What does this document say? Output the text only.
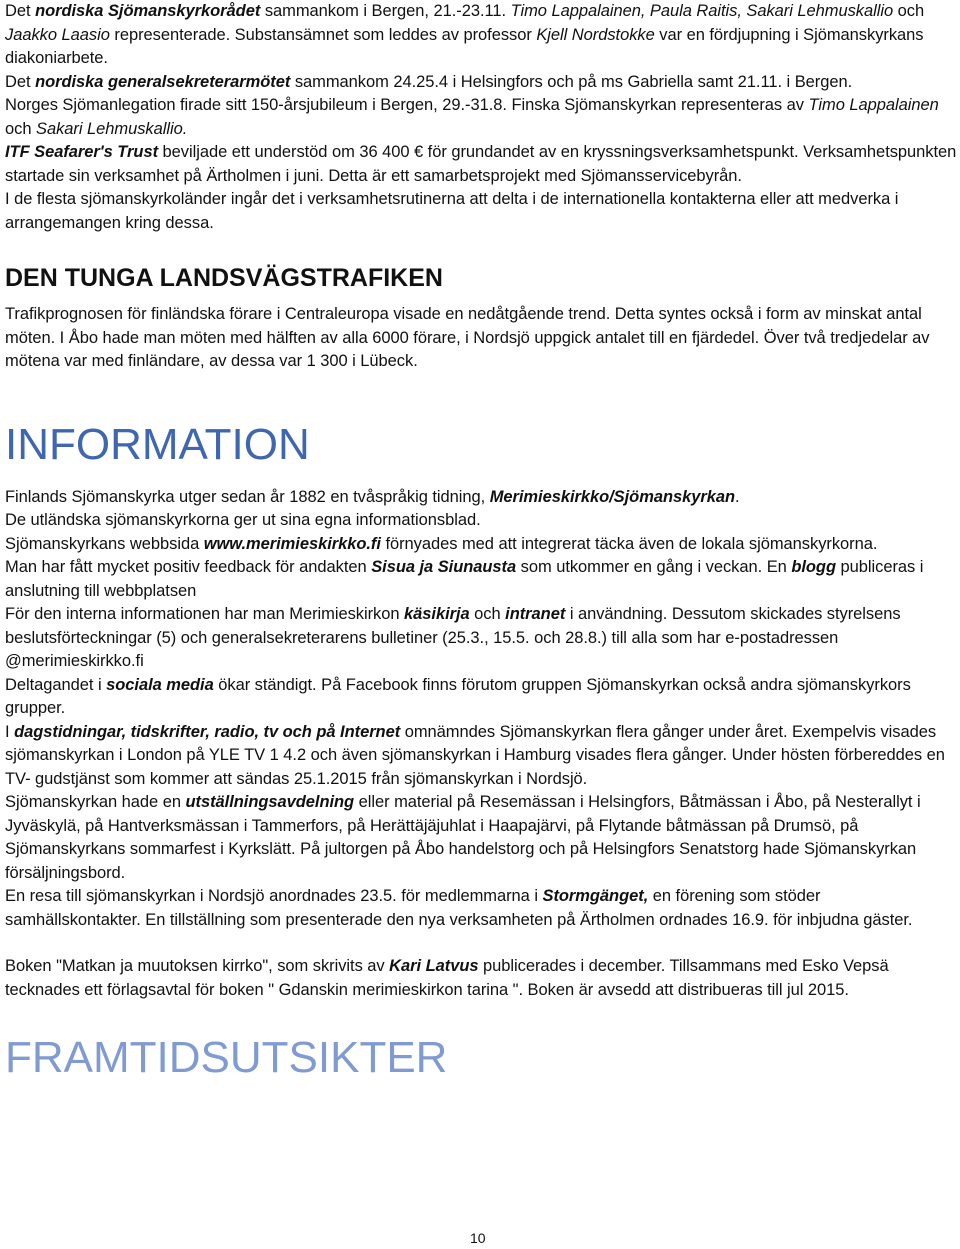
Det nordiska Sjömanskyrkorådet sammankom i Bergen, 21.-23.11. Timo Lappalainen, Paula Raitis, Sakari Lehmuskallio och Jaakko Laasio representerade. Substansämnet som leddes av professor Kjell Nordstokke var en fördjupning i Sjömanskyrkans diakoniarbete.

Det nordiska generalsekreterarmötet sammankom 24.25.4 i Helsingfors och på ms Gabriella samt 21.11. i Bergen.

Norges Sjömanlegation firade sitt 150-årsjubileum i Bergen, 29.-31.8. Finska Sjömanskyrkan representeras av Timo Lappalainen och Sakari Lehmuskallio.

ITF Seafarer's Trust beviljade ett understöd om 36 400 € för grundandet av en kryssningsverksamhetspunkt. Verksamhetspunkten startade sin verksamhet på Ärtholmen i juni. Detta är ett samarbetsprojekt med Sjömansservicebyrån.

I de flesta sjömanskyrkoländer ingår det i verksamhetsrutinerna att delta i de internationella kontakterna eller att medverka i arrangemangen kring dessa.

DEN TUNGA LANDSVÄGSTRAFIKEN

Trafikprognosen för finländska förare i Centraleuropa visade en nedåtgående trend. Detta syntes också i form av minskat antal möten. I Åbo hade man möten med hälften av alla 6000 förare, i Nordsjö uppgick antalet till en fjärdedel. Över två tredjedelar av mötena var med finländare, av dessa var 1 300 i Lübeck.

INFORMATION

Finlands Sjömanskyrka utger sedan år 1882 en tvåspråkig tidning, Merimieskirkko/Sjömanskyrkan.

De utländska sjömanskyrkorna ger ut sina egna informationsblad.

Sjömanskyrkans webbsida www.merimieskirkko.fi förnyades med att integrerat täcka även de lokala sjömanskyrkorna.

Man har fått mycket positiv feedback för andakten Sisua ja Siunausta som utkommer en gång i veckan. En blogg publiceras i anslutning till webbplatsen

För den interna informationen har man Merimieskirkon käsikirja och intranet i användning. Dessutom skickades styrelsens beslutsförteckningar (5) och generalsekreterarens bulletiner (25.3., 15.5. och 28.8.) till alla som har e-postadressen @merimieskirkko.fi

Deltagandet i sociala media ökar ständigt. På Facebook finns förutom gruppen Sjömanskyrkan också andra sjömanskyrkors grupper.

I dagstidningar, tidskrifter, radio, tv och på Internet omnämndes Sjömanskyrkan flera gånger under året. Exempelvis visades sjömanskyrkan i London på YLE TV 1 4.2 och även sjömanskyrkan i Hamburg visades flera gånger. Under hösten förbereddes en TV- gudstjänst som kommer att sändas 25.1.2015 från sjömanskyrkan i Nordsjö.

Sjömanskyrkan hade en utställningsavdelning eller material på Resemässan i Helsingfors, Båtmässan i Åbo, på Nesterallyt i Jyväskylä, på Hantverksmässan i Tammerfors, på Herättäjäjuhlat i Haapajärvi, på Flytande båtmässan på Drumsö, på Sjömanskyrkans sommarfest i Kyrkslätt. På jultorgen på Åbo handelstorg och på Helsingfors Senatstorg hade Sjömanskyrkan försäljningsbord.

En resa till sjömanskyrkan i Nordsjö anordnades 23.5. för medlemmarna i Stormgänget, en förening som stöder samhällskontakter. En tillställning som presenterade den nya verksamheten på Ärtholmen ordnades 16.9. för inbjudna gäster.

Boken "Matkan ja muutoksen kirrko", som skrivits av Kari Latvus publicerades i december. Tillsammans med Esko Vepsä tecknades ett förlagsavtal för boken " Gdanskin merimieskirkon tarina ". Boken är avsedd att distribueras till jul 2015.

FRAMTIDSUTSIKTER
10
